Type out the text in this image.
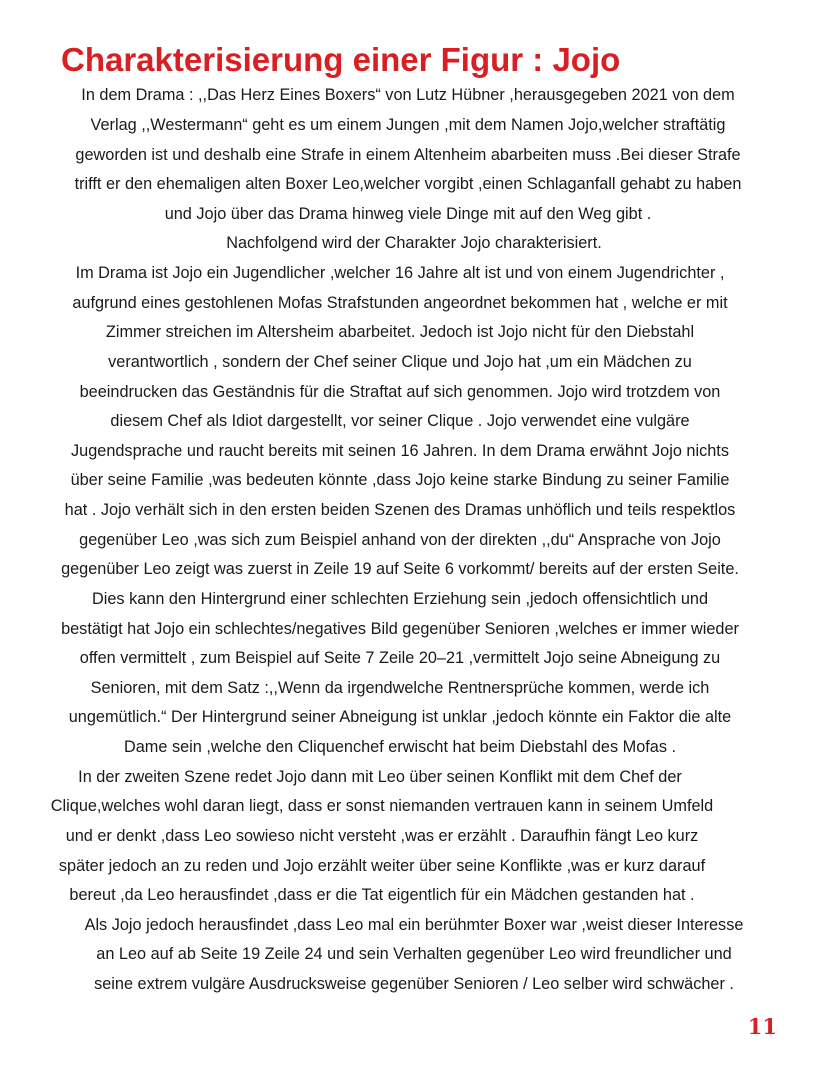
Charakterisierung einer Figur : Jojo
In dem Drama : ,,Das Herz Eines Boxers“ von Lutz Hübner ,herausgegeben 2021 von dem
Verlag ,,Westermann“ geht es um einem Jungen ,mit dem Namen Jojo,welcher straftätig
geworden ist und deshalb eine Strafe in einem Altenheim abarbeiten muss .Bei dieser Strafe
trifft er den ehemaligen alten Boxer Leo,welcher vorgibt ,einen Schlaganfall gehabt zu haben
und Jojo über das Drama hinweg viele Dinge mit auf den Weg gibt .
Nachfolgend wird der Charakter Jojo charakterisiert.
Im Drama ist Jojo ein Jugendlicher ,welcher 16 Jahre alt ist und von einem Jugendrichter ,
aufgrund eines gestohlenen Mofas Strafstunden angeordnet bekommen hat , welche er mit
Zimmer streichen im Altersheim abarbeitet. Jedoch ist Jojo nicht für den Diebstahl
verantwortlich , sondern der Chef seiner Clique und Jojo hat ,um ein Mädchen zu
beeindrucken das Geständnis für die Straftat auf sich genommen. Jojo wird trotzdem von
diesem Chef als Idiot dargestellt, vor seiner Clique . Jojo verwendet eine vulgäre
Jugendsprache und raucht bereits mit seinen 16 Jahren. In dem Drama erwähnt Jojo nichts
über seine Familie ,was bedeuten könnte ,dass Jojo keine starke Bindung zu seiner Familie
hat . Jojo verhält sich in den ersten beiden Szenen des Dramas unhöflich und teils respektlos
gegenüber Leo ,was sich zum Beispiel anhand von der direkten ,,du“ Ansprache von Jojo
gegenüber Leo zeigt was zuerst in Zeile 19 auf Seite 6 vorkommt/ bereits auf der ersten Seite.
Dies kann den Hintergrund einer schlechten Erziehung sein ,jedoch offensichtlich und
bestätigt hat Jojo ein schlechtes/negatives Bild gegenüber Senioren ,welches er immer wieder
offen vermittelt , zum Beispiel auf Seite 7 Zeile 20–21 ,vermittelt Jojo seine Abneigung zu
Senioren, mit dem Satz :,,Wenn da irgendwelche Rentnersprüche kommen, werde ich
ungemütlich.“ Der Hintergrund seiner Abneigung ist unklar ,jedoch könnte ein Faktor die alte
Dame sein ,welche den Cliquenchef erwischt hat beim Diebstahl des Mofas .
In der zweiten Szene redet Jojo dann mit Leo über seinen Konflikt mit dem Chef der
Clique,welches wohl daran liegt, dass er sonst niemanden vertrauen kann in seinem Umfeld
und er denkt ,dass Leo sowieso nicht versteht ,was er erzählt . Daraufhin fängt Leo kurz
später jedoch an zu reden und Jojo erzählt weiter über seine Konflikte ,was er kurz darauf
bereut ,da Leo herausfindet ,dass er die Tat eigentlich für ein Mädchen gestanden hat .
Als Jojo jedoch herausfindet ,dass Leo mal ein berühmter Boxer war ,weist dieser Interesse
an Leo auf ab Seite 19 Zeile 24 und sein Verhalten gegenüber Leo wird freundlicher und
seine extrem vulgäre Ausdrucksweise gegenüber Senioren / Leo selber wird schwächer .
11
